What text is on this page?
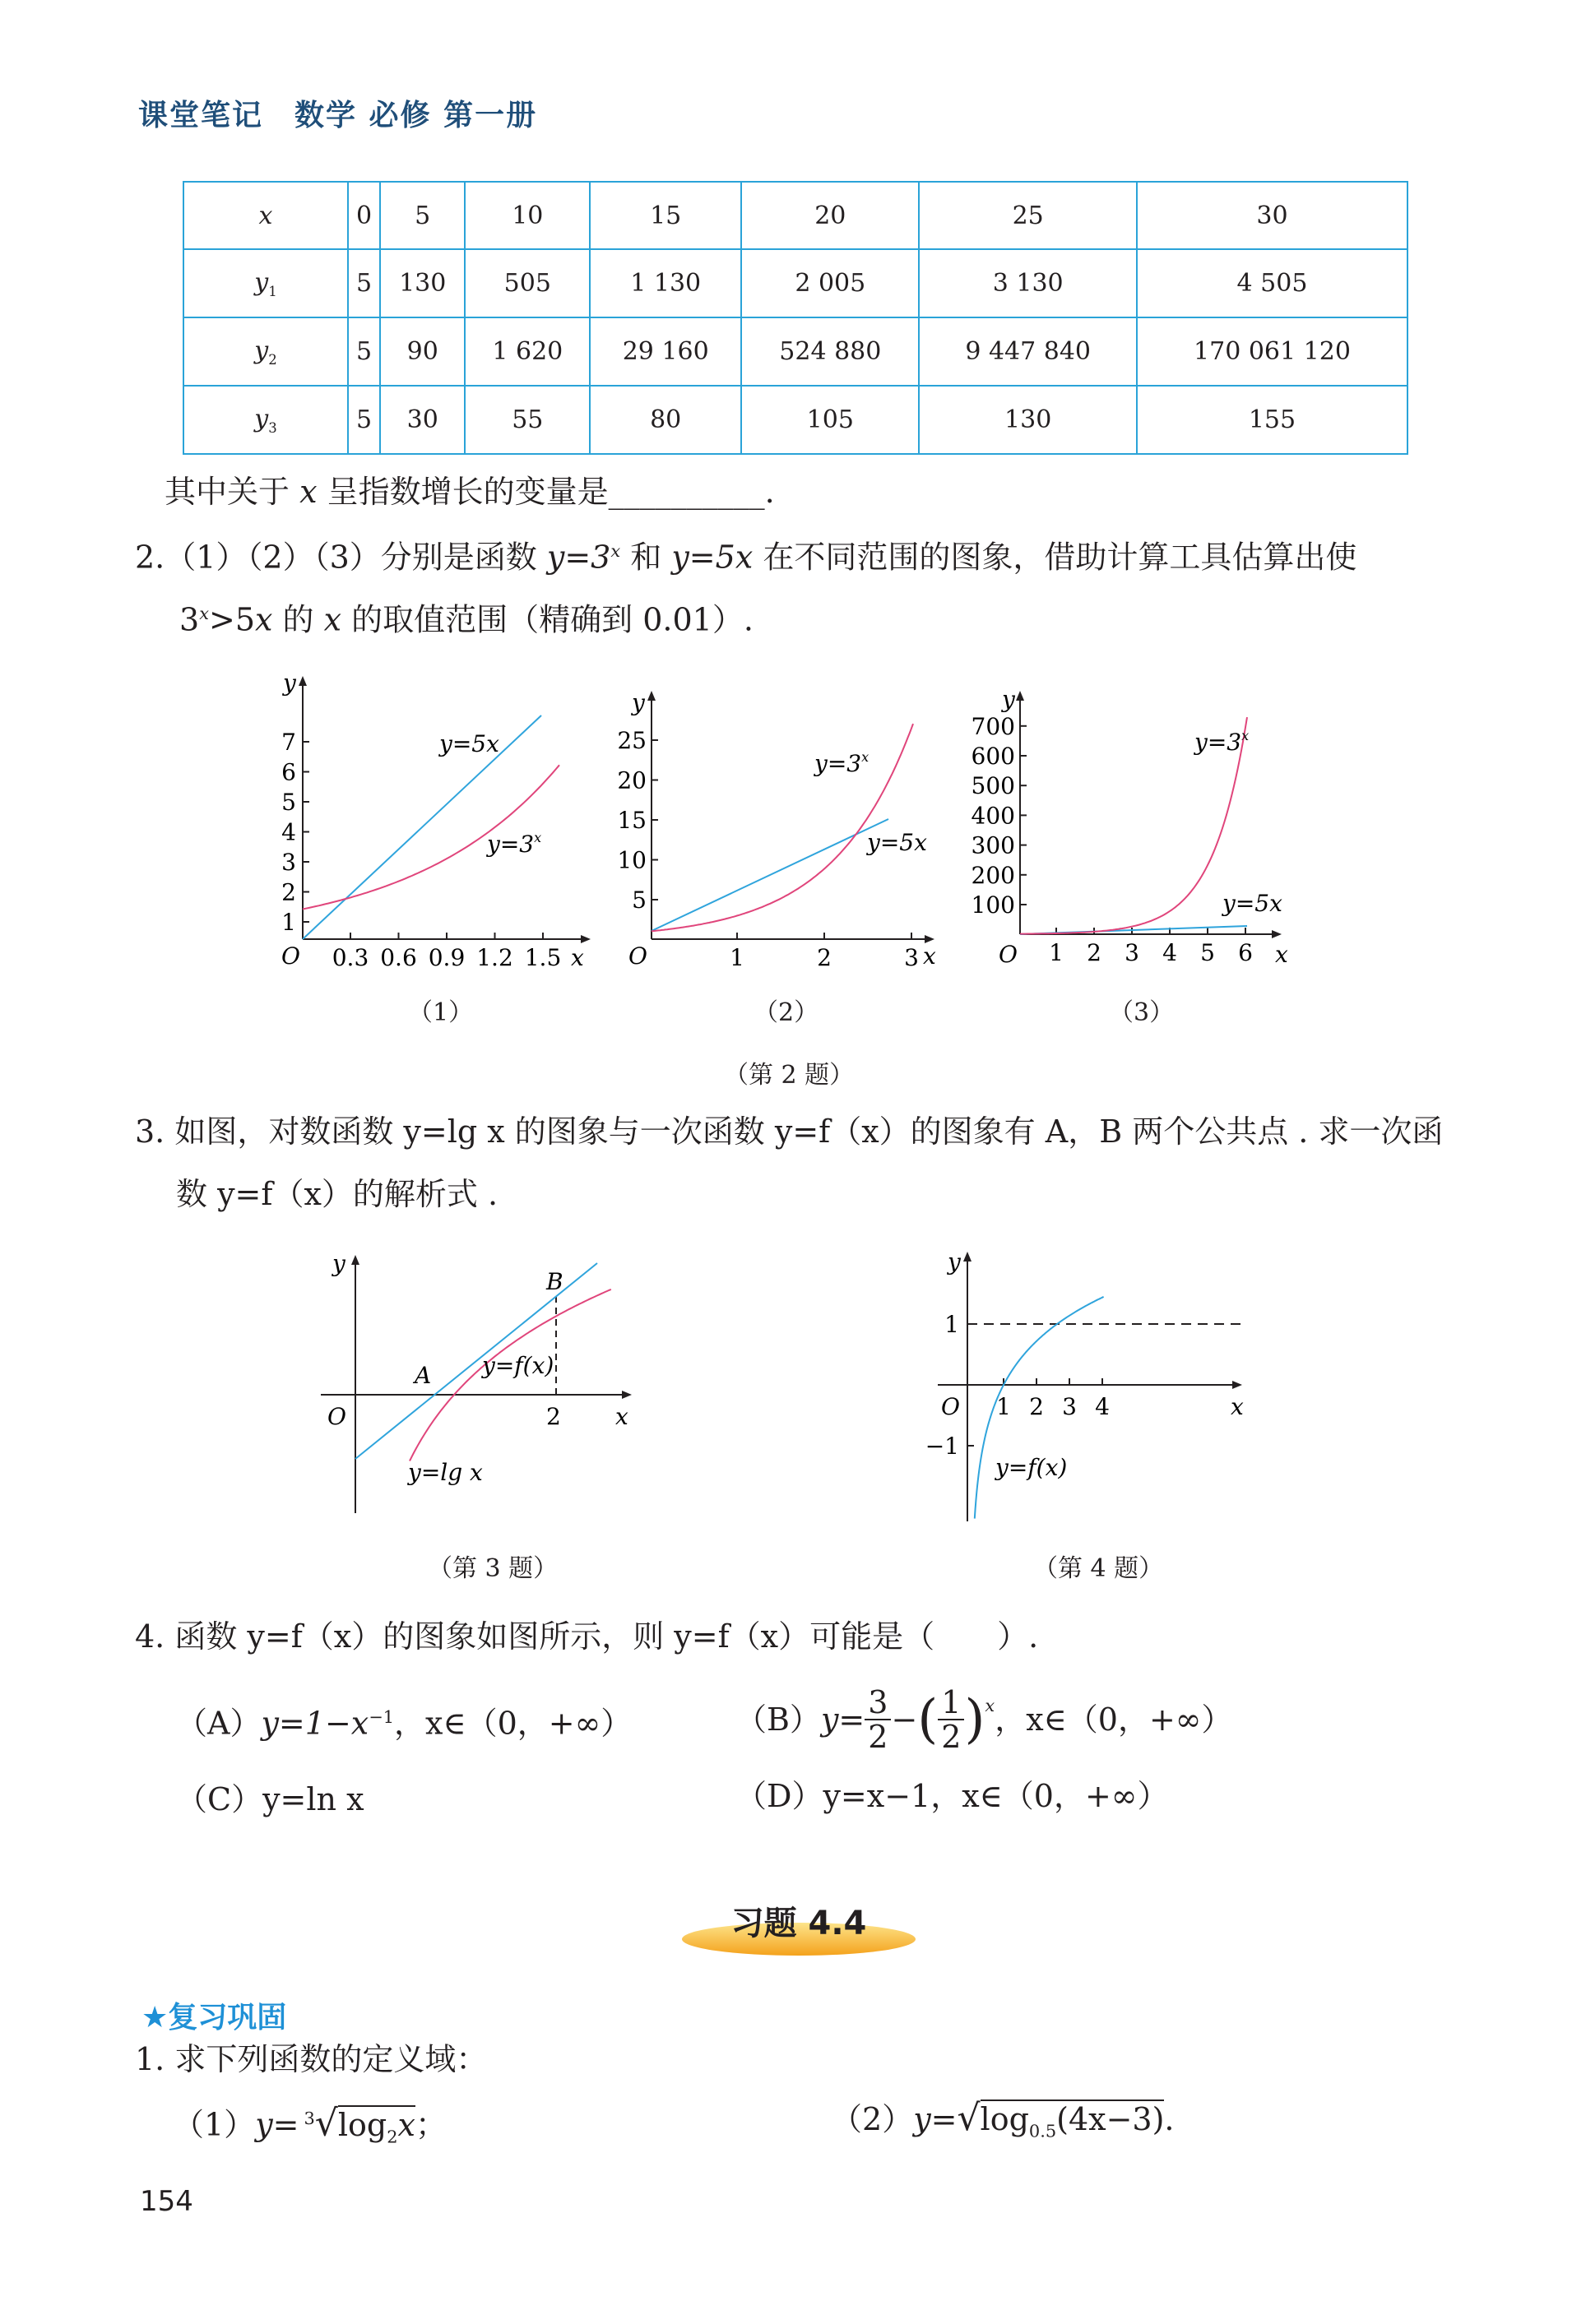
课堂笔记　数学 必修 第一册
x	0	5	10	15	20	25	30
$y_1$	5	130	505	1 130	2 005	3 130	4 505
$y_2$	5	90	1 620	29 160	524 880	9 447 840	170 061 120
$y_3$	5	30	55	80	105	130	155
其中关于 x 呈指数增长的变量是__________.
2.（1）（2）（3）分别是函数 $y=3^x$ 和 y=5x 在不同范围的图象，借助计算工具估算出使
$3^x>5x$ 的 x 的取值范围（精确到 0.01）.
y
x
O
1
2
3
4
5
6
7
0.3 0.6 0.9 1.2 1.5
y=5x
$y=3^x$
（1）
y
x
O
5
10
15
20
25
1	2	3
$y=3^x$
y=5x
（2）
y
x
O
100
200
300
400
500
600
700
1 2 3 4 5 6
$y=3^x$
y=5x
（3）
（第 2 题）
3. 如图，对数函数 y=lg x 的图象与一次函数 y=f（x）的图象有 A，B 两个公共点 . 求一次函
数 y=f（x）的解析式 .
y
x
O	2
A
B
y=f(x)
y=lg x
（第 3 题）
y
x
O
1
−1
1 2 3 4
y=f(x)
（第 4 题）
4. 函数 y=f（x）的图象如图所示，则 y=f（x）可能是（　　）.
$(A)y=1-x^{-1}$，x∈（0，+∞）	（B） $y= \frac{3}{2}$ − ( $\frac{1}{2} )^x$ ，x∈（0，+∞）
（C）y=ln x	（D）y=x−1，x∈（0，+∞）
习题 4.4
★复习巩固
1. 求下列函数的定义域：
$(1)y= ^3√\log_2x$；	$(2)y=√\log_{0.5}(4x-3)$.
154
